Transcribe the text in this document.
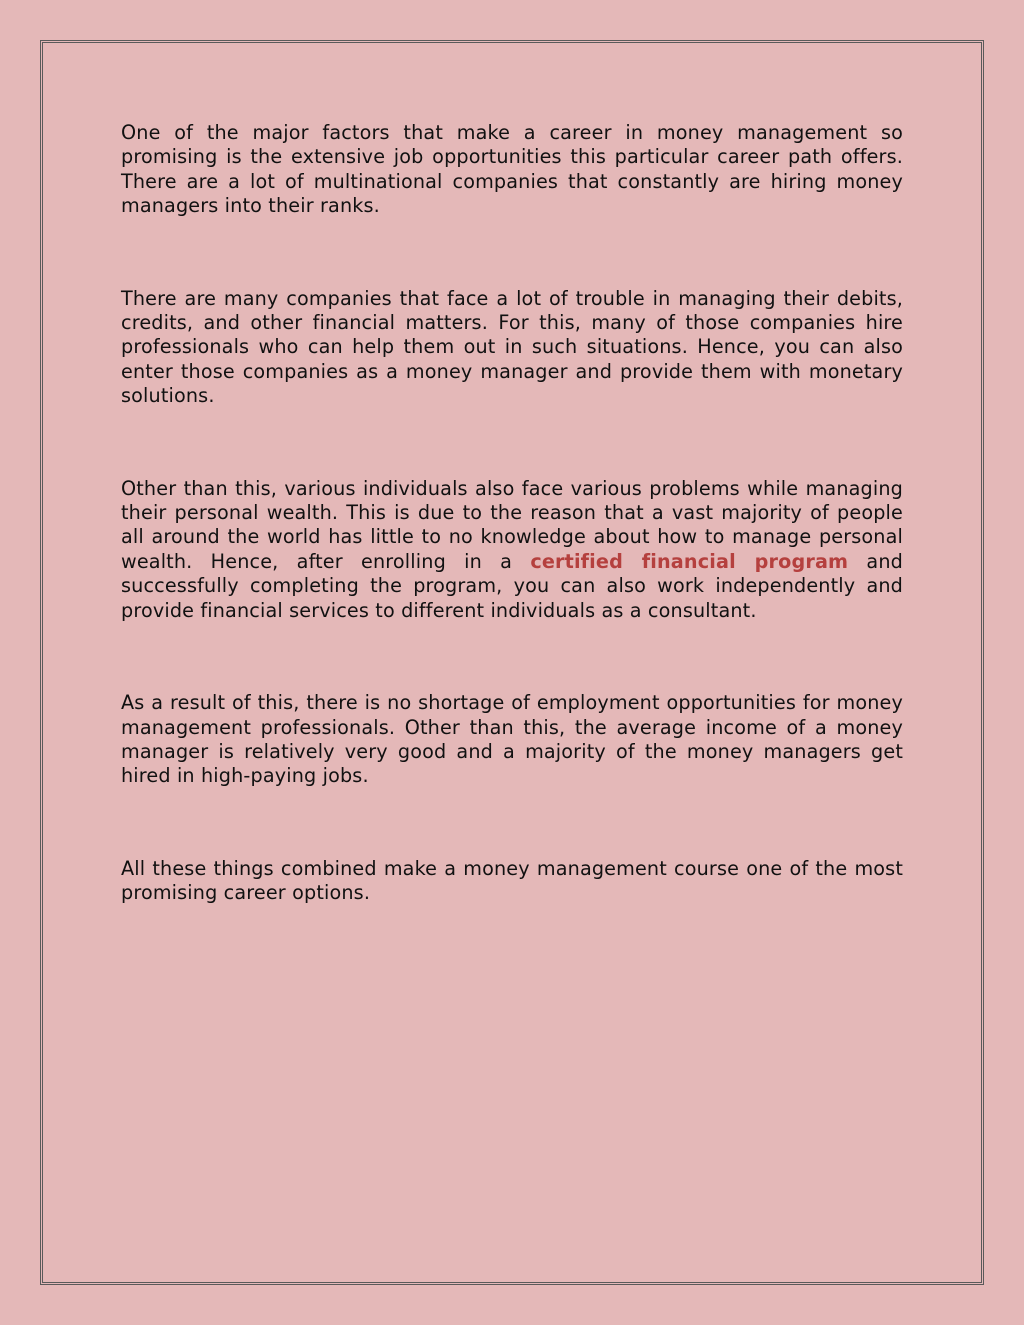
One of the major factors that make a career in money management so promising is the extensive job opportunities this particular career path offers. There are a lot of multinational companies that constantly are hiring money managers into their ranks.

There are many companies that face a lot of trouble in managing their debits, credits, and other financial matters. For this, many of those companies hire professionals who can help them out in such situations. Hence, you can also enter those companies as a money manager and provide them with monetary solutions.

Other than this, various individuals also face various problems while managing their personal wealth. This is due to the reason that a vast majority of people all around the world has little to no knowledge about how to manage personal wealth. Hence, after enrolling in a certified financial program and successfully completing the program, you can also work independently and provide financial services to different individuals as a consultant.

As a result of this, there is no shortage of employment opportunities for money management professionals. Other than this, the average income of a money manager is relatively very good and a majority of the money managers get hired in high-paying jobs.

All these things combined make a money management course one of the most promising career options.
